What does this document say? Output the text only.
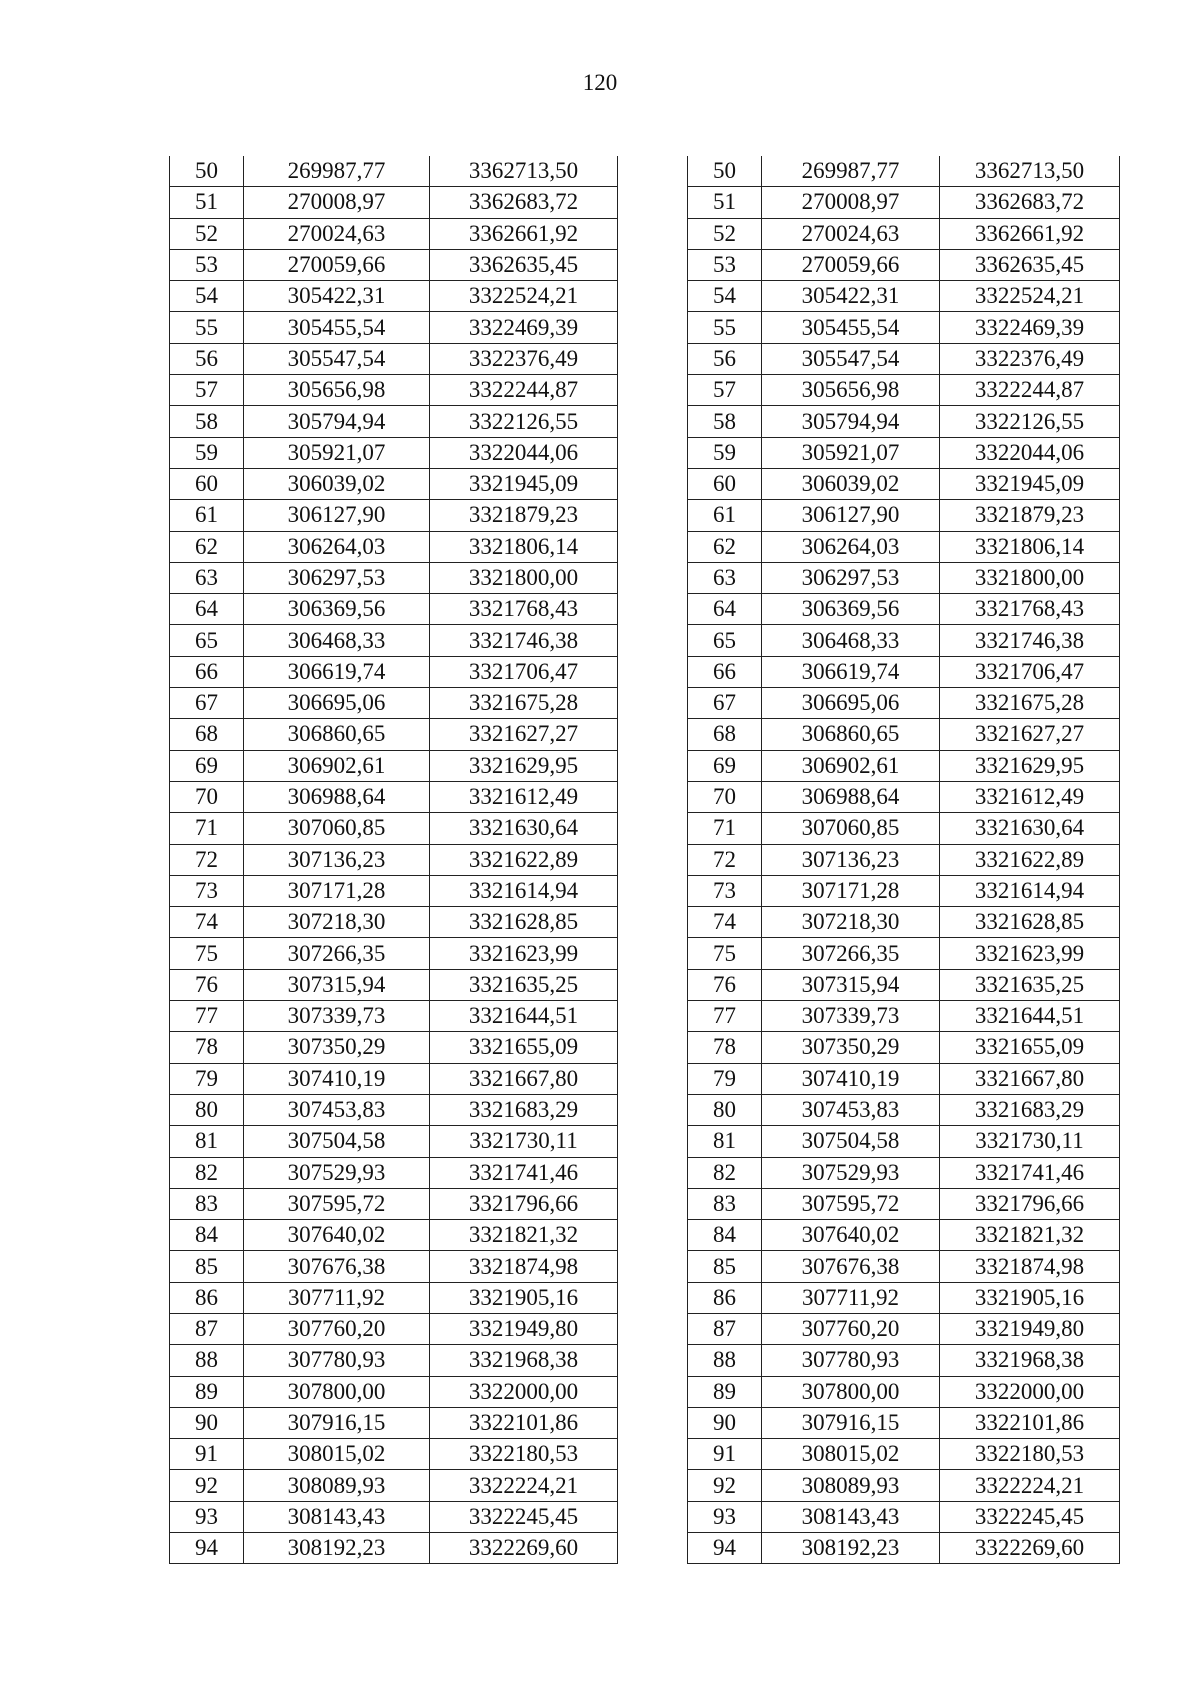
120
50	269987,77	3362713,50
51	270008,97	3362683,72
52	270024,63	3362661,92
53	270059,66	3362635,45
54	305422,31	3322524,21
55	305455,54	3322469,39
56	305547,54	3322376,49
57	305656,98	3322244,87
58	305794,94	3322126,55
59	305921,07	3322044,06
60	306039,02	3321945,09
61	306127,90	3321879,23
62	306264,03	3321806,14
63	306297,53	3321800,00
64	306369,56	3321768,43
65	306468,33	3321746,38
66	306619,74	3321706,47
67	306695,06	3321675,28
68	306860,65	3321627,27
69	306902,61	3321629,95
70	306988,64	3321612,49
71	307060,85	3321630,64
72	307136,23	3321622,89
73	307171,28	3321614,94
74	307218,30	3321628,85
75	307266,35	3321623,99
76	307315,94	3321635,25
77	307339,73	3321644,51
78	307350,29	3321655,09
79	307410,19	3321667,80
80	307453,83	3321683,29
81	307504,58	3321730,11
82	307529,93	3321741,46
83	307595,72	3321796,66
84	307640,02	3321821,32
85	307676,38	3321874,98
86	307711,92	3321905,16
87	307760,20	3321949,80
88	307780,93	3321968,38
89	307800,00	3322000,00
90	307916,15	3322101,86
91	308015,02	3322180,53
92	308089,93	3322224,21
93	308143,43	3322245,45
94	308192,23	3322269,60
50	269987,77	3362713,50
51	270008,97	3362683,72
52	270024,63	3362661,92
53	270059,66	3362635,45
54	305422,31	3322524,21
55	305455,54	3322469,39
56	305547,54	3322376,49
57	305656,98	3322244,87
58	305794,94	3322126,55
59	305921,07	3322044,06
60	306039,02	3321945,09
61	306127,90	3321879,23
62	306264,03	3321806,14
63	306297,53	3321800,00
64	306369,56	3321768,43
65	306468,33	3321746,38
66	306619,74	3321706,47
67	306695,06	3321675,28
68	306860,65	3321627,27
69	306902,61	3321629,95
70	306988,64	3321612,49
71	307060,85	3321630,64
72	307136,23	3321622,89
73	307171,28	3321614,94
74	307218,30	3321628,85
75	307266,35	3321623,99
76	307315,94	3321635,25
77	307339,73	3321644,51
78	307350,29	3321655,09
79	307410,19	3321667,80
80	307453,83	3321683,29
81	307504,58	3321730,11
82	307529,93	3321741,46
83	307595,72	3321796,66
84	307640,02	3321821,32
85	307676,38	3321874,98
86	307711,92	3321905,16
87	307760,20	3321949,80
88	307780,93	3321968,38
89	307800,00	3322000,00
90	307916,15	3322101,86
91	308015,02	3322180,53
92	308089,93	3322224,21
93	308143,43	3322245,45
94	308192,23	3322269,60
